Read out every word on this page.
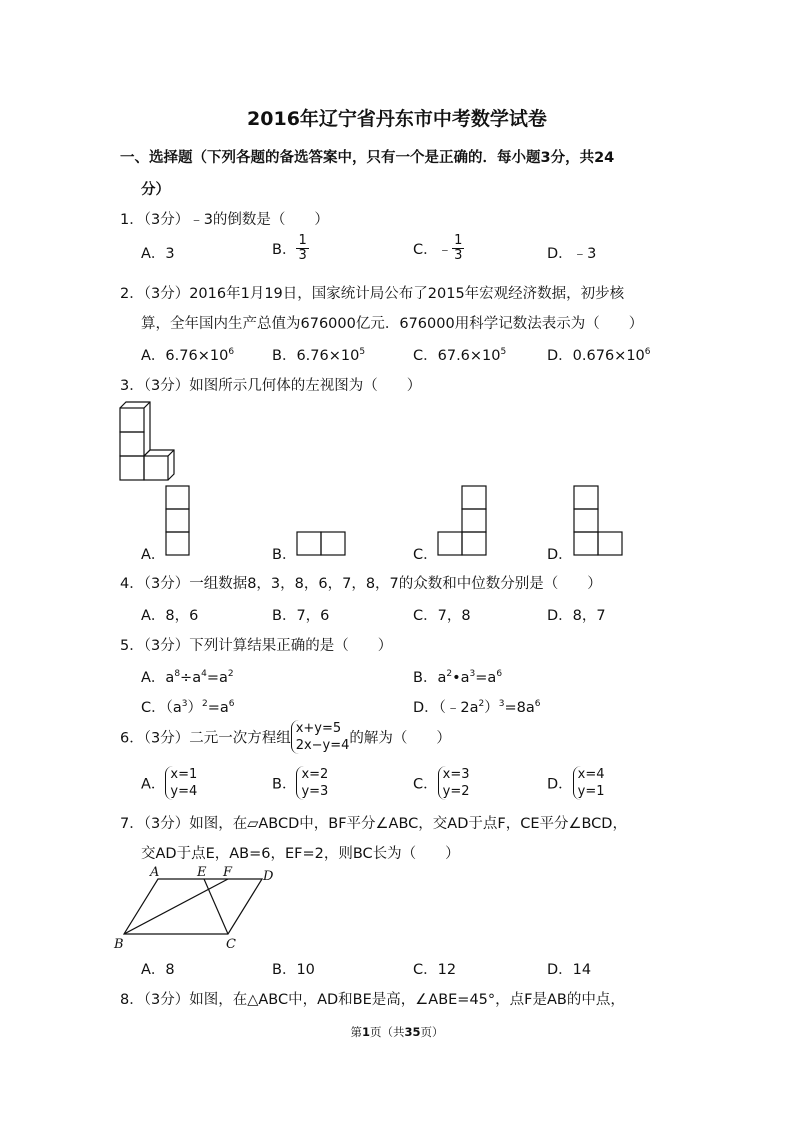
2016年辽宁省丹东市中考数学试卷
一、选择题（下列各题的备选答案中，只有一个是正确的．每小题3分，共24
分）
1．（3分）﹣3的倒数是（　　）
A．3	B． $\frac{1}{3}$	C．﹣ $\frac{1}{3}$	D．﹣3
2．（3分）2016年1月19日，国家统计局公布了2015年宏观经济数据，初步核
算，全年国内生产总值为676000亿元．676000用科学记数法表示为（　　）
A．$6.76\times 10^6$	B．$6.76\times 10^5$	C．$67.6\times 10^5$	D．$0.676\times 10^6$
3．（3分）如图所示几何体的左视图为（　　）
A．	B．	C．	D．
4．（3分）一组数据8，3，8，6，7，8，7的众数和中位数分别是（　　）
A．8，6	B．7，6	C．7，8	D．8，7
5．（3分）下列计算结果正确的是（　　）
A．$a^8\div a^4=a^2$	B．$a^2•a^3=a^6$
C．$(a^3)^2=a^6$	D．$(﹣2a^2)^3=8a^6$
6．（3分）二元一次方程组
x+y=5
2x−y=4 的解为（　　）
A．
x=1
y=4	B．
x=2
y=3	C．
x=3
y=2	D．
x=4
y=1
7．（3分）如图，在▱ABCD中，BF平分∠ABC，交AD于点F，CE平分∠BCD，
交AD于点E，AB=6，EF=2，则BC长为（　　）
A	E F D
B	C
A．8	B．10	C．12	D．14
8．（3分）如图，在△ABC中，AD和BE是高，∠ABE=45°，点F是AB的中点，
第1页（共35页）
